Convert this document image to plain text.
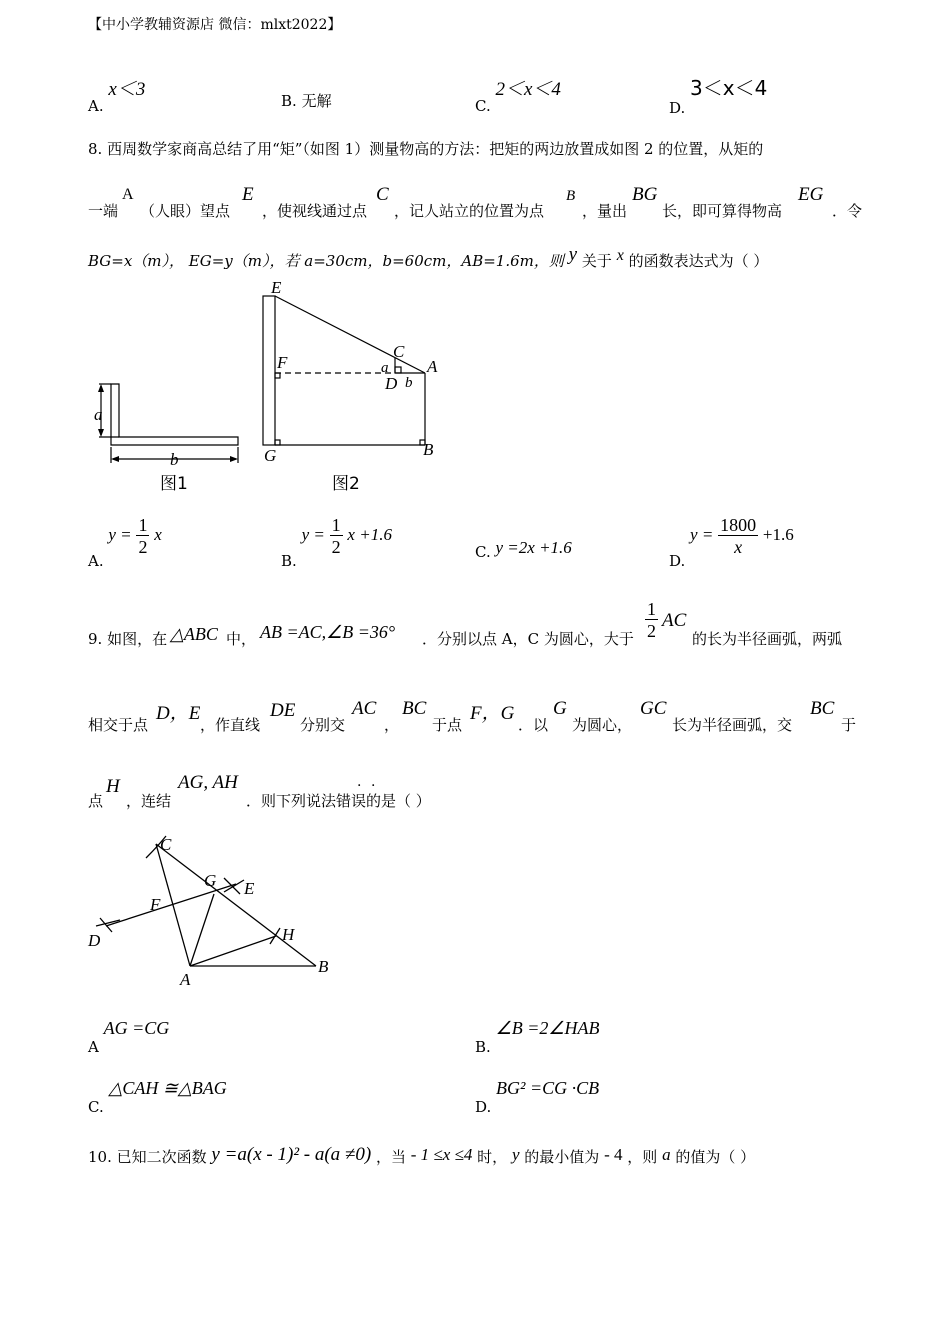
【中小学教辅资源店 微信：mlxt2022】
A. x＜3
B. 无解	C. 2＜x＜4
D. 3＜x＜4
8. 西周数学家商高总结了用“矩”（如图 1）测量物高的方法：把矩的两边放置成如图 2 的位置，从矩的
一端
A
（人眼）望点
E
，使视线通过点
C
，记人站立的位置为点
B
，量出
BG
长，即可算得物高
EG
．令
BG=x（m）， EG=y（m），若 a=30cm，b=60cm，AB=1.6m，则 y 关于 x 的函数表达式为（ ）
a
b
图1
E
F
C
a
D b
A
G	B
图2
A. $y = \frac{1}{2}$ x
B. $y = \frac{1}{2}$ x +1.6
C. y =2x +1.6
D. $y = \frac{1800}{x} +1.6$
9. 如图，在 △ABC 中， AB =AC,∠B =36° ．分别以点 A，C 为圆心，大于 $\frac{1}{2}$ AC
的长为半径画弧，两弧
相交于点
D，E
，作直线
DE
分别交
AC
，
BC
于点
F，G
．以
G
为圆心，
GC
长为半径画弧，交
BC
于
点
H
，连结
AG, AH
．则下列说法错误的是（ ）
· ·
C
G E
F
D	H
A
B
A AG =CG
B. ∠B =2∠HAB
C. △CAH ≅△BAG
D. BG² =CG ·CB
10. 已知二次函数 y =a(x - 1)² - a(a ≠0) ，当 - 1 ≤x ≤4 时， y 的最小值为 - 4 ，则 a 的值为（ ）
